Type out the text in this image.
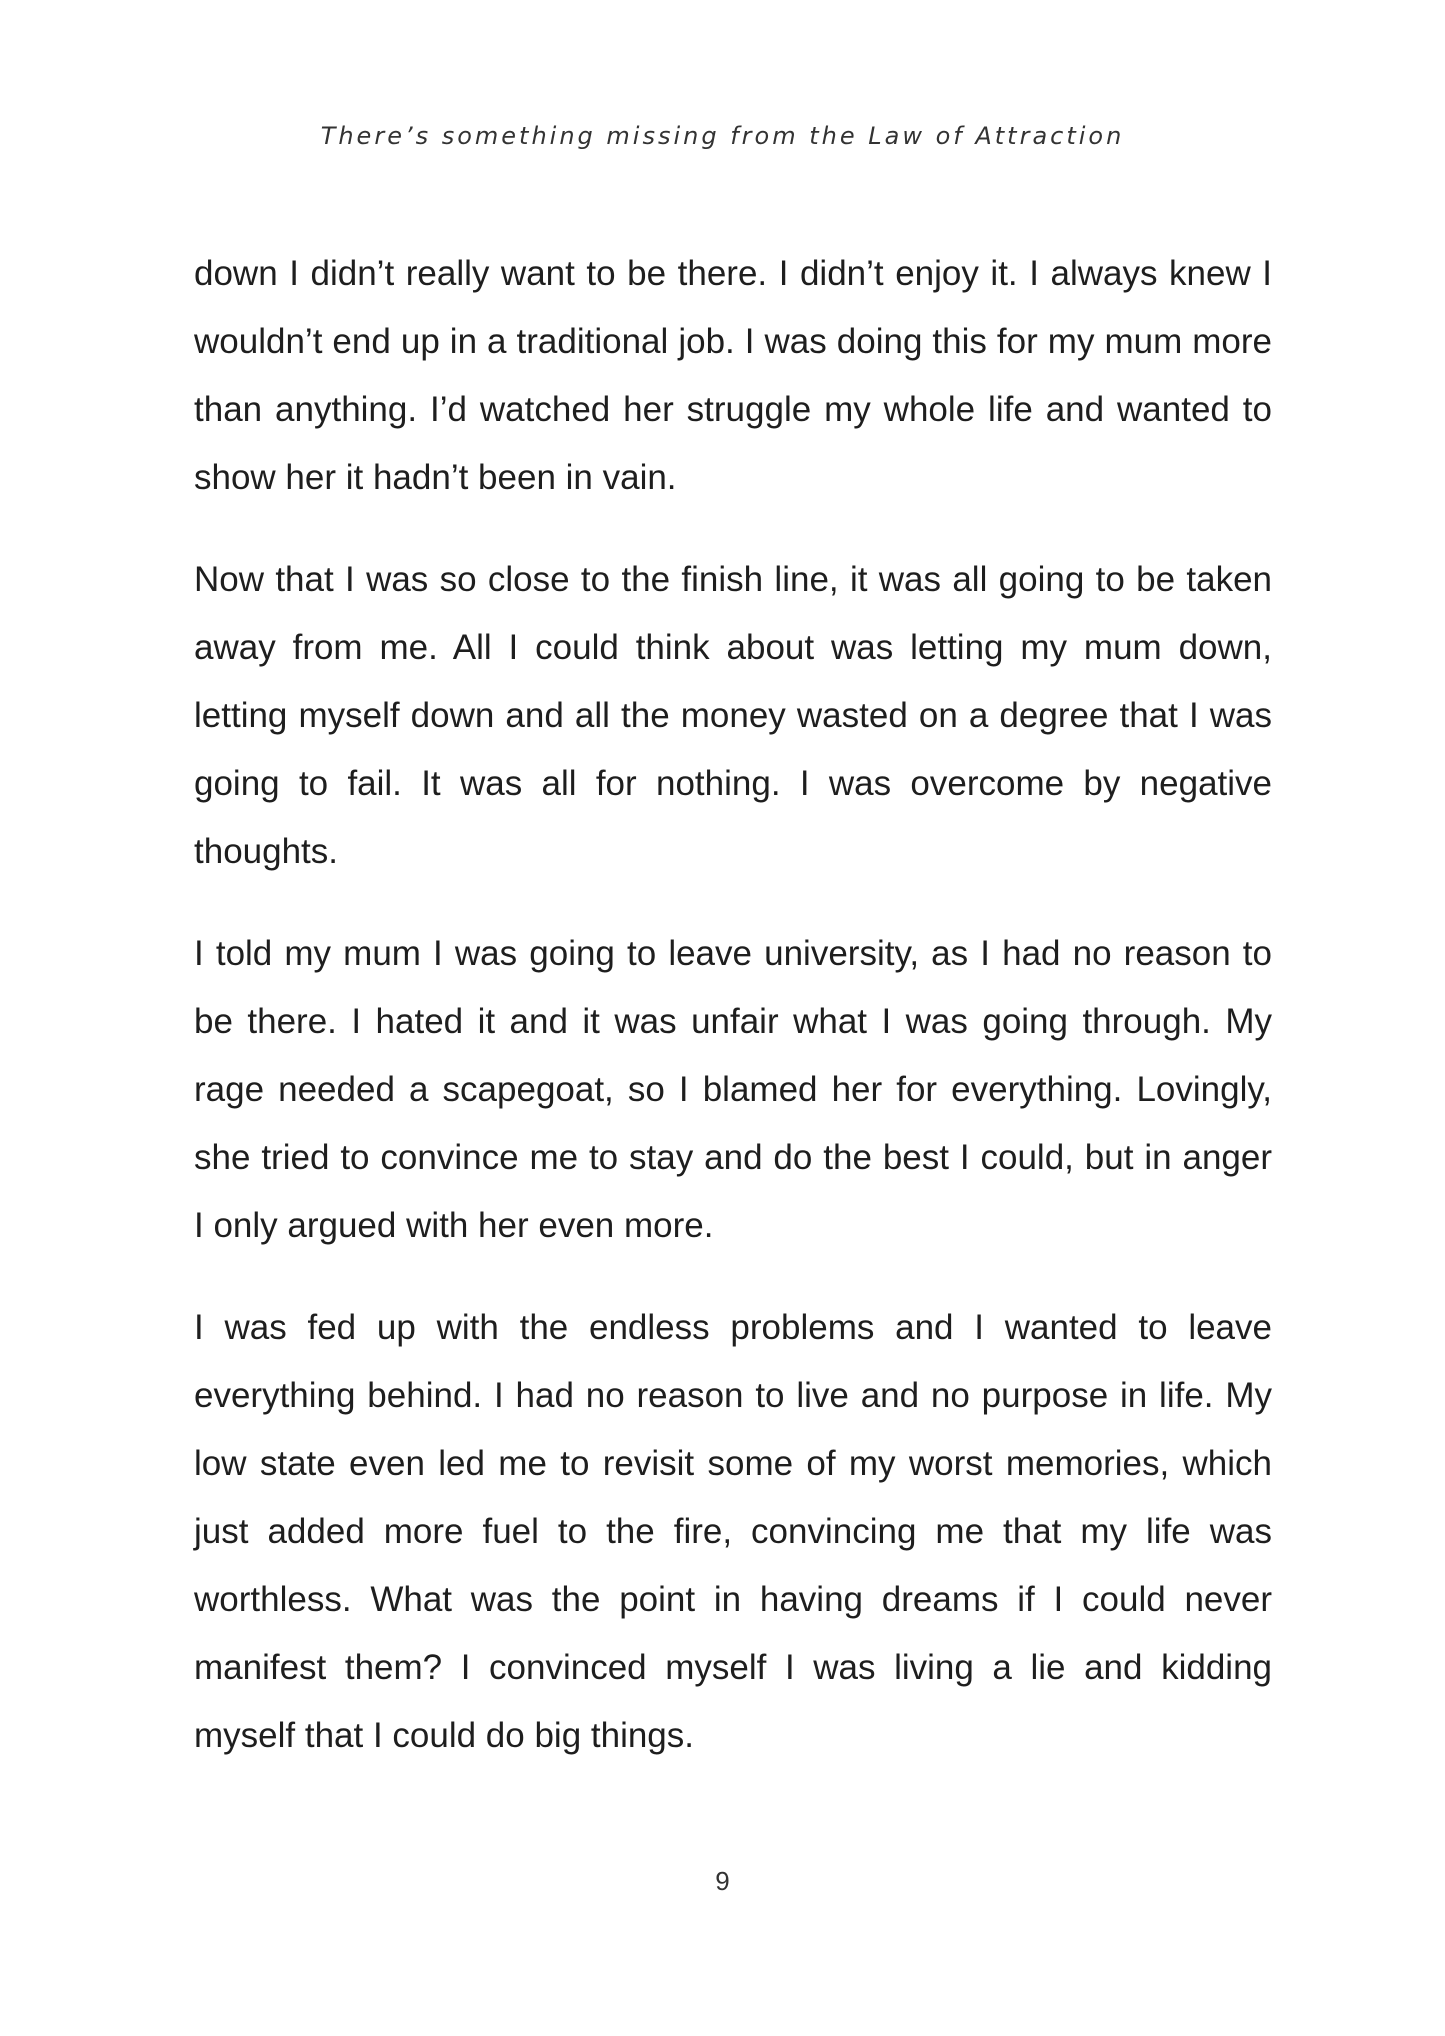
There’s something missing from the Law of Attraction

down I didn’t really want to be there. I didn’t enjoy it. I always knew I wouldn’t end up in a traditional job. I was doing this for my mum more than anything. I’d watched her struggle my whole life and wanted to show her it hadn’t been in vain.

Now that I was so close to the finish line, it was all going to be taken away from me. All I could think about was letting my mum down, letting myself down and all the money wasted on a degree that I was going to fail. It was all for nothing. I was overcome by negative thoughts.

I told my mum I was going to leave university, as I had no reason to be there. I hated it and it was unfair what I was going through. My rage needed a scapegoat, so I blamed her for everything. Lovingly, she tried to convince me to stay and do the best I could, but in anger I only argued with her even more.

I was fed up with the endless problems and I wanted to leave everything behind. I had no reason to live and no purpose in life. My low state even led me to revisit some of my worst memories, which just added more fuel to the fire, convincing me that my life was worthless. What was the point in having dreams if I could never manifest them? I convinced myself I was living a lie and kidding myself that I could do big things.

9
